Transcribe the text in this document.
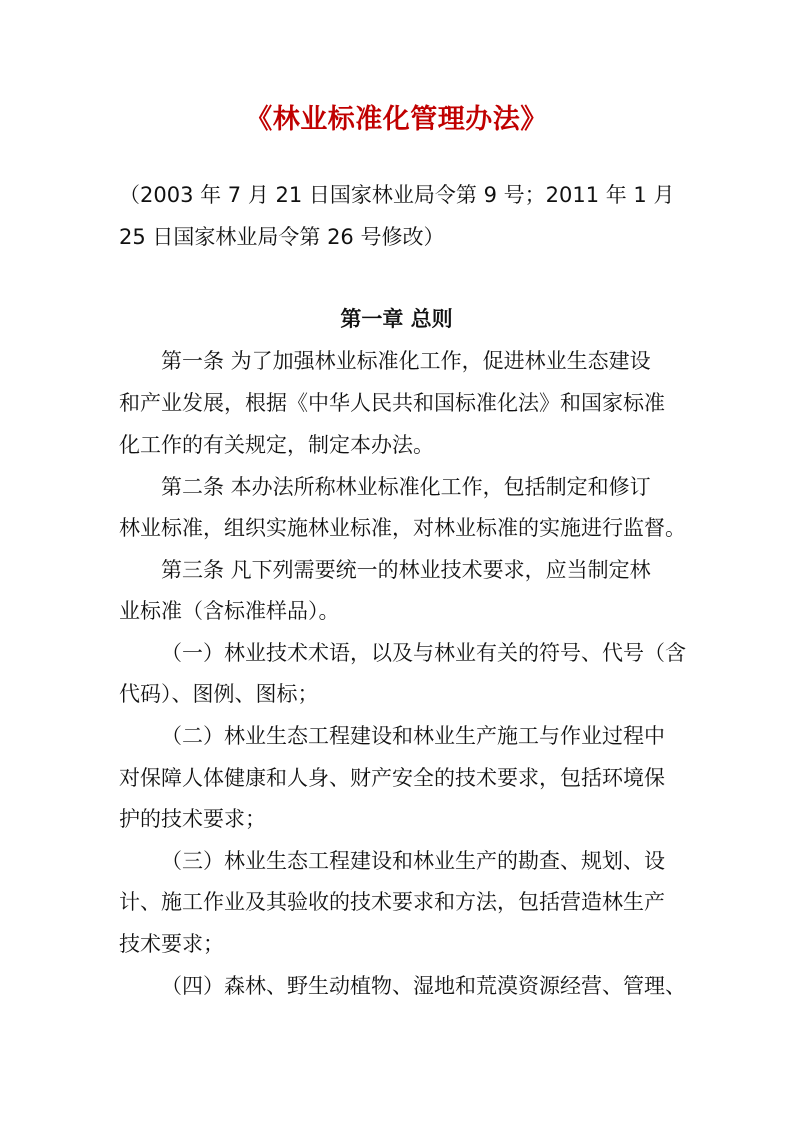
《林业标准化管理办法》
（2003 年 7 月 21 日国家林业局令第 9 号；2011 年 1 月
25 日国家林业局令第 26 号修改）
第一章 总则
第一条 为了加强林业标准化工作，促进林业生态建设
和产业发展，根据《中华人民共和国标准化法》和国家标准
化工作的有关规定，制定本办法。
第二条 本办法所称林业标准化工作，包括制定和修订
林业标准，组织实施林业标准，对林业标准的实施进行监督。
第三条 凡下列需要统一的林业技术要求，应当制定林
业标准（含标准样品）。
（一）林业技术术语，以及与林业有关的符号、代号（含
代码）、图例、图标；
（二）林业生态工程建设和林业生产施工与作业过程中
对保障人体健康和人身、财产安全的技术要求，包括环境保
护的技术要求；
（三）林业生态工程建设和林业生产的勘查、规划、设
计、施工作业及其验收的技术要求和方法，包括营造林生产
技术要求；
（四）森林、野生动植物、湿地和荒漠资源经营、管理、
